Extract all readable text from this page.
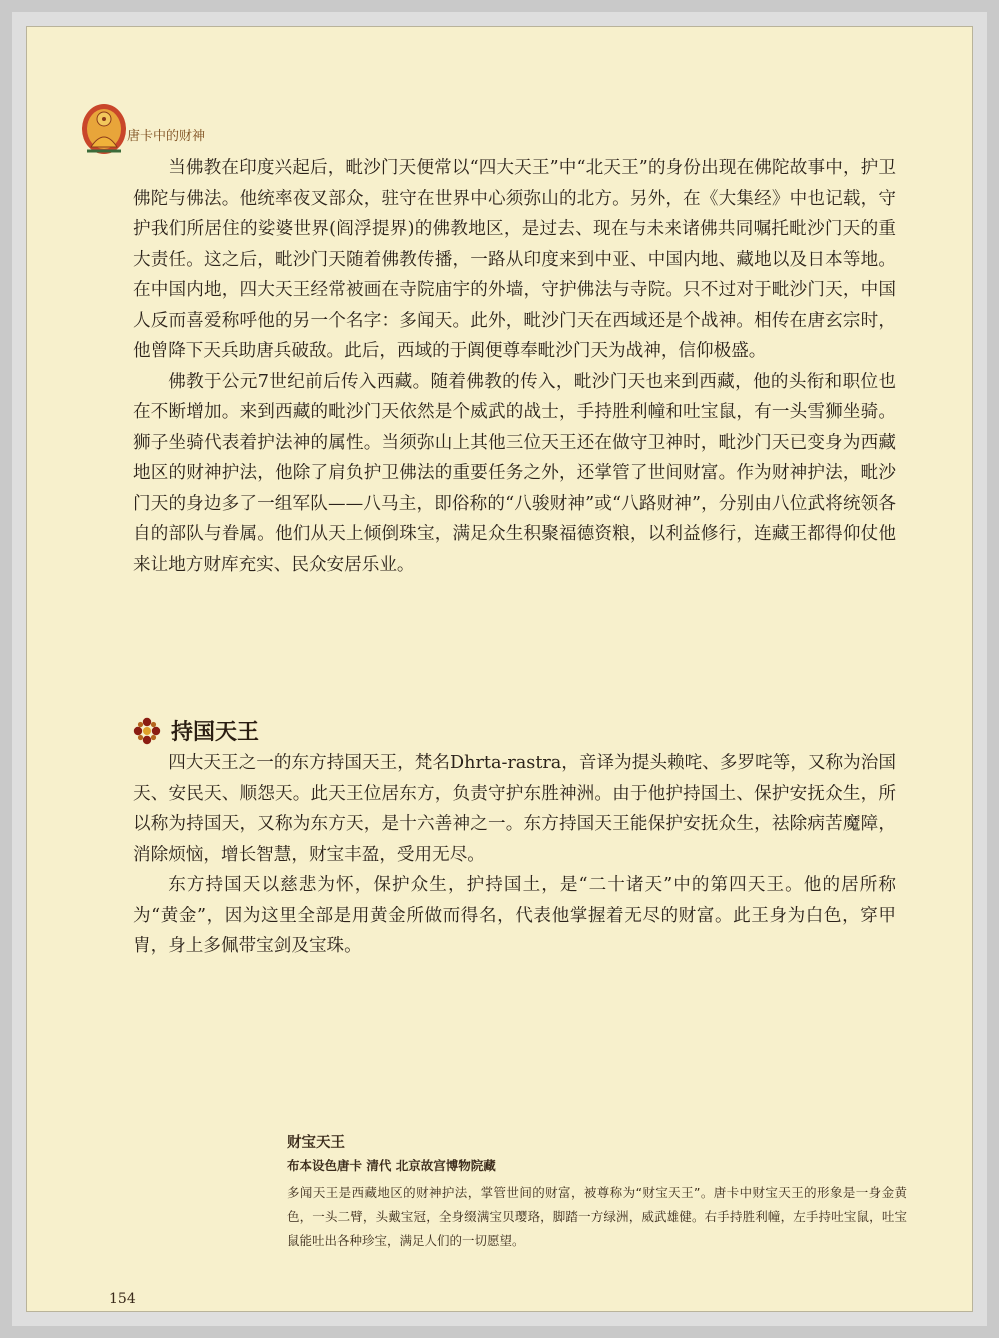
唐卡中的财神

当佛教在印度兴起后，毗沙门天便常以“四大天王”中“北天王”的身份出现在佛陀故事中，护卫佛陀与佛法。他统率夜叉部众，驻守在世界中心须弥山的北方。另外，在《大集经》中也记载，守护我们所居住的娑婆世界(阎浮提界)的佛教地区，是过去、现在与未来诸佛共同嘱托毗沙门天的重大责任。这之后，毗沙门天随着佛教传播，一路从印度来到中亚、中国内地、藏地以及日本等地。在中国内地，四大天王经常被画在寺院庙宇的外墙，守护佛法与寺院。只不过对于毗沙门天，中国人反而喜爱称呼他的另一个名字：多闻天。此外，毗沙门天在西域还是个战神。相传在唐玄宗时，他曾降下天兵助唐兵破敌。此后，西域的于阗便尊奉毗沙门天为战神，信仰极盛。

佛教于公元7世纪前后传入西藏。随着佛教的传入，毗沙门天也来到西藏，他的头衔和职位也在不断增加。来到西藏的毗沙门天依然是个威武的战士，手持胜利幢和吐宝鼠，有一头雪狮坐骑。狮子坐骑代表着护法神的属性。当须弥山上其他三位天王还在做守卫神时，毗沙门天已变身为西藏地区的财神护法，他除了肩负护卫佛法的重要任务之外，还掌管了世间财富。作为财神护法，毗沙门天的身边多了一组军队——八马主，即俗称的“八骏财神”或“八路财神”，分别由八位武将统领各自的部队与眷属。他们从天上倾倒珠宝，满足众生积聚福德资粮，以利益修行，连藏王都得仰仗他来让地方财库充实、民众安居乐业。

持国天王

四大天王之一的东方持国天王，梵名Dhrta-rastra，音译为提头赖咤、多罗咤等，又称为治国天、安民天、顺怨天。此天王位居东方，负责守护东胜神洲。由于他护持国土、保护安抚众生，所以称为持国天，又称为东方天，是十六善神之一。东方持国天王能保护安抚众生，祛除病苦魔障，消除烦恼，增长智慧，财宝丰盈，受用无尽。

东方持国天以慈悲为怀，保护众生，护持国土，是“二十诸天”中的第四天王。他的居所称为“黄金”，因为这里全部是用黄金所做而得名，代表他掌握着无尽的财富。此王身为白色，穿甲胄，身上多佩带宝剑及宝珠。

财宝天王
布本设色唐卡 清代 北京故宫博物院藏
多闻天王是西藏地区的财神护法，掌管世间的财富，被尊称为“财宝天王”。唐卡中财宝天王的形象是一身金黄色，一头二臂，头戴宝冠，全身缀满宝贝璎珞，脚踏一方绿洲，威武雄健。右手持胜利幢，左手持吐宝鼠，吐宝鼠能吐出各种珍宝，满足人们的一切愿望。
154
